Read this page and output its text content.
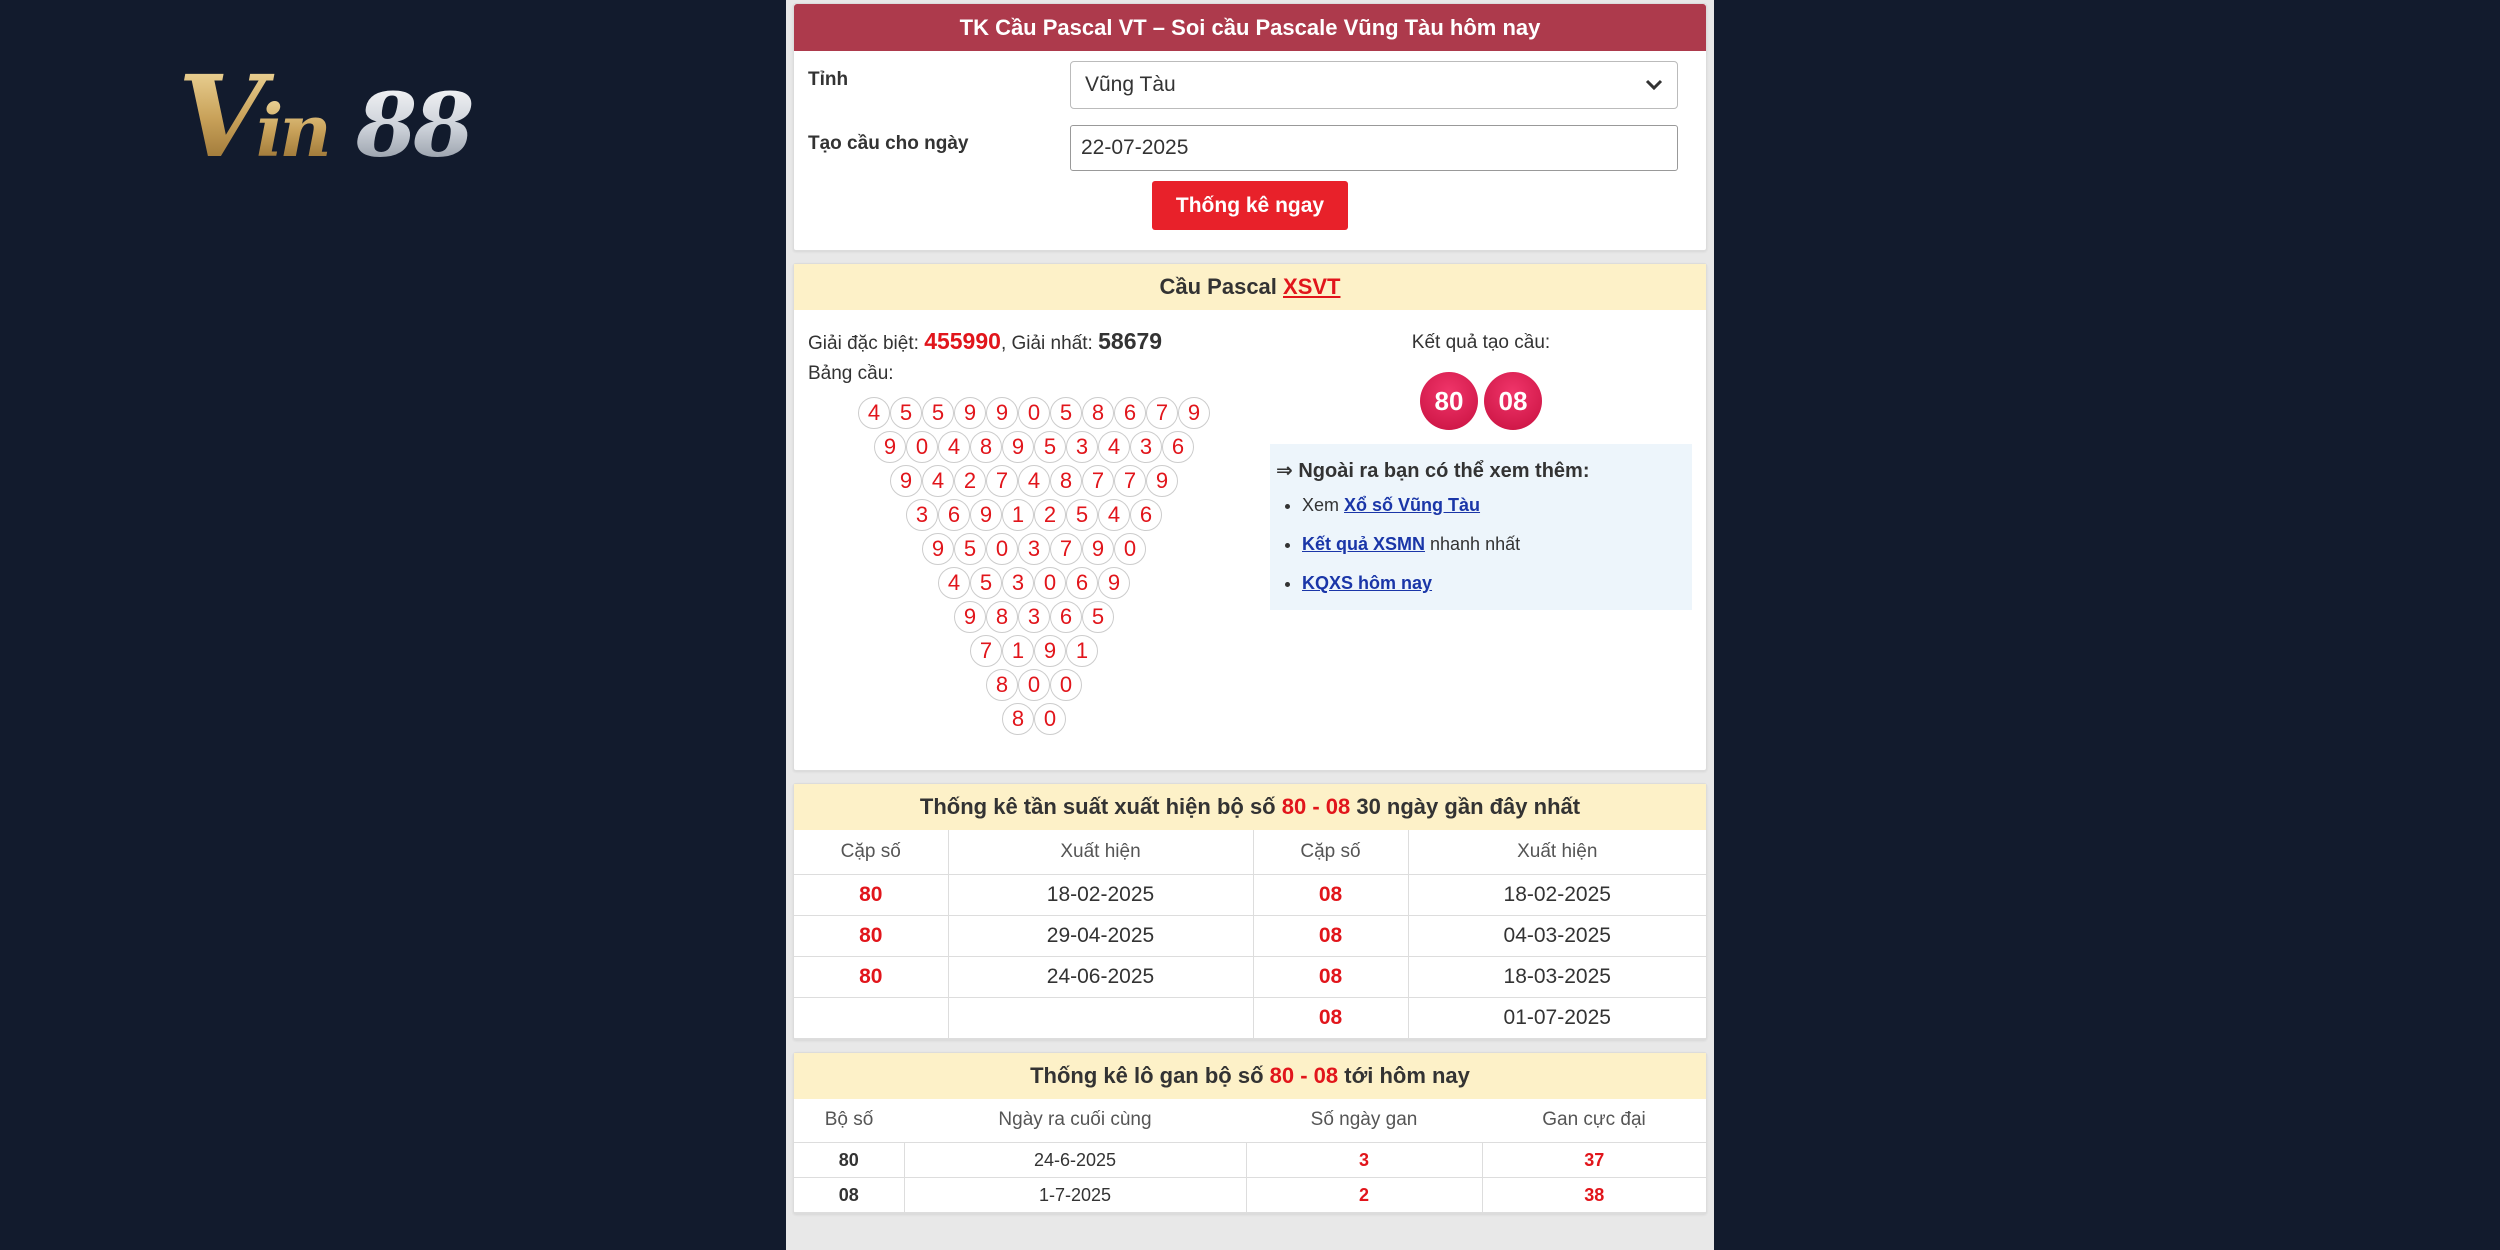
V
in 88
TK Cầu Pascal VT – Soi cầu Pascale Vũng Tàu hôm nay
Tỉnh	Vũng Tàu
Tạo cầu cho ngày
22-07-2025
Thống kê ngay
Cầu Pascal XSVT
Giải đặc biệt: 455990, Giải nhất: 58679
Bảng cầu:
4 5 5 9 9 0 5 8 6 7 9
9 0 4 8 9 5 3 4 3 6
9 4 2 7 4 8 7 7 9
3 6 9 1 2 5 4 6
9 5 0 3 7 9 0
4 5 3 0 6 9
9 8 3 6 5
7 1 9 1
8 0 0
8 0
Kết quả tạo cầu:
80	08
⇒ Ngoài ra bạn có thể xem thêm:
• Xem Xổ số Vũng Tàu
• Kết quả XSMN nhanh nhất
• KQXS hôm nay
Thống kê tần suất xuất hiện bộ số 80 - 08 30 ngày gần đây nhất
Cặp số	Xuất hiện	Cặp số	Xuất hiện
80	18-02-2025	08	18-02-2025
80	29-04-2025	08	04-03-2025
80	24-06-2025	08	18-03-2025
		08	01-07-2025
Thống kê lô gan bộ số 80 - 08 tới hôm nay
Bộ số	Ngày ra cuối cùng	Số ngày gan	Gan cực đại
80	24-6-2025	3	37
08	1-7-2025	2	38
